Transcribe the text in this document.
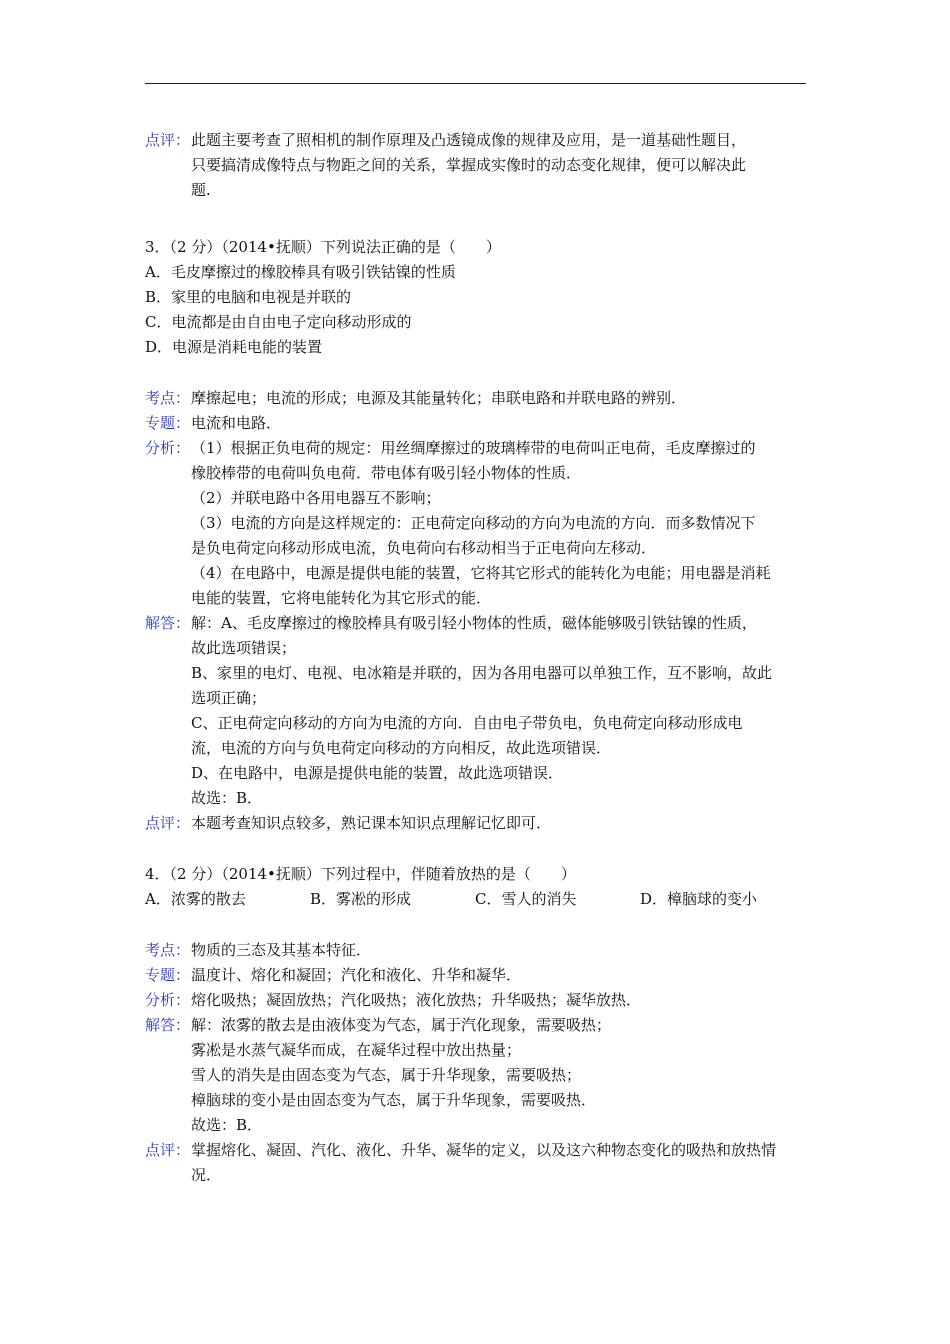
点评： 此题主要考查了照相机的制作原理及凸透镜成像的规律及应用，是一道基础性题目，
只要搞清成像特点与物距之间的关系，掌握成实像时的动态变化规律，便可以解决此
题.
3．（2 分）（2014•抚顺）下列说法正确的是（　　）
A．毛皮摩擦过的橡胶棒具有吸引铁钴镍的性质
B．家里的电脑和电视是并联的
C．电流都是由自由电子定向移动形成的
D．电源是消耗电能的装置
考点： 摩擦起电；电流的形成；电源及其能量转化；串联电路和并联电路的辨别．
专题： 电流和电路．
分析： （1）根据正负电荷的规定：用丝绸摩擦过的玻璃棒带的电荷叫正电荷，毛皮摩擦过的
橡胶棒带的电荷叫负电荷．带电体有吸引轻小物体的性质．
（2）并联电路中各用电器互不影响；
（3）电流的方向是这样规定的：正电荷定向移动的方向为电流的方向．而多数情况下
是负电荷定向移动形成电流，负电荷向右移动相当于正电荷向左移动．
（4）在电路中，电源是提供电能的装置，它将其它形式的能转化为电能；用电器是消耗
电能的装置，它将电能转化为其它形式的能．
解答： 解：A、毛皮摩擦过的橡胶棒具有吸引轻小物体的性质，磁体能够吸引铁钴镍的性质，
故此选项错误；
B、家里的电灯、电视、电冰箱是并联的，因为各用电器可以单独工作，互不影响，故此
选项正确；
C、正电荷定向移动的方向为电流的方向．自由电子带负电，负电荷定向移动形成电
流，电流的方向与负电荷定向移动的方向相反，故此选项错误．
D、在电路中，电源是提供电能的装置，故此选项错误．
故选：B．
点评： 本题考查知识点较多，熟记课本知识点理解记忆即可．
4．（2 分）（2014•抚顺）下列过程中，伴随着放热的是（　　）
A．浓雾的散去	B．雾凇的形成	C．雪人的消失	D．樟脑球的变小
考点： 物质的三态及其基本特征．
专题： 温度计、熔化和凝固；汽化和液化、升华和凝华．
分析： 熔化吸热；凝固放热；汽化吸热；液化放热；升华吸热；凝华放热．
解答： 解：浓雾的散去是由液体变为气态，属于汽化现象，需要吸热；
雾凇是水蒸气凝华而成，在凝华过程中放出热量；
雪人的消失是由固态变为气态，属于升华现象，需要吸热；
樟脑球的变小是由固态变为气态，属于升华现象，需要吸热．
故选：B．
点评： 掌握熔化、凝固、汽化、液化、升华、凝华的定义，以及这六种物态变化的吸热和放热情
况．
